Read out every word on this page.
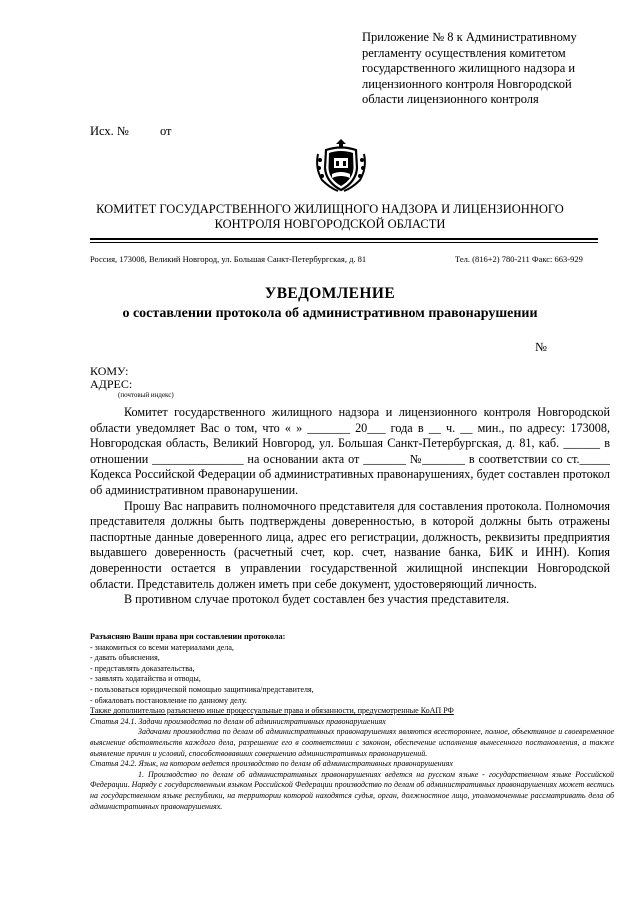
Приложение № 8 к Административному
регламенту осуществления комитетом
государственного жилищного надзора и
лицензионного контроля Новгородской
области лицензионного контроля
Исх. № от
КОМИТЕТ ГОСУДАРСТВЕННОГО ЖИЛИЩНОГО НАДЗОРА И ЛИЦЕНЗИОННОГО
КОНТРОЛЯ НОВГОРОДСКОЙ ОБЛАСТИ
Россия, 173008, Великий Новгород, ул. Большая Санкт-Петербургская, д. 81	Тел. (816+2) 780-211 Факс: 663-929
УВЕДОМЛЕНИЕ
о составлении протокола об административном правонарушении
№
КОМУ:
АДРЕС:
(почтовый индекс)

Комитет государственного жилищного надзора и лицензионного контроля Новгородской области уведомляет Вас о том, что « » _______ 20___ года в __ ч. __ мин., по адресу: 173008, Новгородская область, Великий Новгород, ул. Большая Санкт-Петербургская, д. 81, каб. ______ в отношении _______________ на основании акта от _______ №_______ в соответствии со ст._____ Кодекса Российской Федерации об административных правонарушениях, будет составлен протокол об административном правонарушении.

Прошу Вас направить полномочного представителя для составления протокола. Полномочия представителя должны быть подтверждены доверенностью, в которой должны быть отражены паспортные данные доверенного лица, адрес его регистрации, должность, реквизиты предприятия выдавшего доверенность (расчетный счет, кор. счет, название банка, БИК и ИНН). Копия доверенности остается в управлении государственной жилищной инспекции Новгородской области. Представитель должен иметь при себе документ, удостоверяющий личность.

В противном случае протокол будет составлен без участия представителя.

Разъясняю Ваши права при составлении протокола:
- знакомиться со всеми материалами дела,
- давать объяснения,
- представлять доказательства,
- заявлять ходатайства и отводы,
- пользоваться юридической помощью защитника/представителя,
- обжаловать постановление по данному делу.
Также дополнительно разъяснено иные процессуальные права и обязанности, предусмотренные КоАП РФ
Статья 24.1. Задачи производства по делам об административных правонарушениях
Задачами производства по делам об административных правонарушениях являются всестороннее, полное, объективное и своевременное выяснение обстоятельств каждого дела, разрешение его в соответствии с законом, обеспечение исполнения вынесенного постановления, а также выявление причин и условий, способствовавших совершению административных правонарушений.
Статья 24.2. Язык, на котором ведется производство по делам об административных правонарушениях
1. Производство по делам об административных правонарушениях ведется на русском языке - государственном языке Российской Федерации. Наряду с государственным языком Российской Федерации производство по делам об административных правонарушениях может вестись на государственном языке республики, на территории которой находятся судья, орган, должностное лицо, уполномоченные рассматривать дела об административных правонарушениях.
